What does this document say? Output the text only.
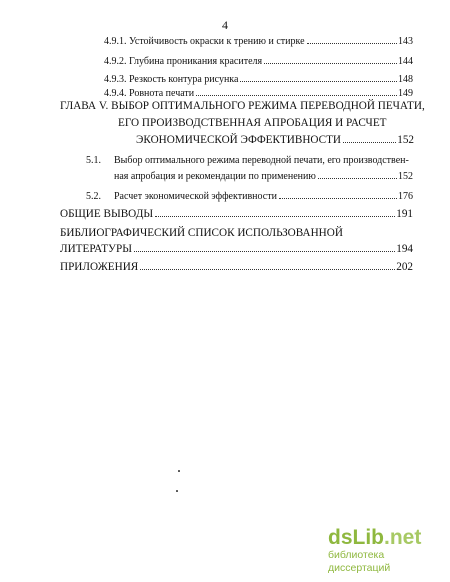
4
4.9.1. Устойчивость окраски к трению и стирке	143
4.9.2. Глубина проникания красителя	144
4.9.3. Резкость контура рисунка	148
4.9.4. Ровнота печати	149
ГЛАВА V. ВЫБОР ОПТИМАЛЬНОГО РЕЖИМА ПЕРЕВОДНОЙ ПЕЧАТИ,
ЕГО ПРОИЗВОДСТВЕННАЯ АПРОБАЦИЯ И РАСЧЕТ
ЭКОНОМИЧЕСКОЙ ЭФФЕКТИВНОСТИ	152
5.1. Выбор оптимального режима переводной печати, его производствен-
ная апробация и рекомендации по применению	152
5.2. Расчет экономической эффективности	176
ОБЩИЕ ВЫВОДЫ	191
БИБЛИОГРАФИЧЕСКИЙ СПИСОК ИСПОЛЬЗОВАННОЙ
ЛИТЕРАТУРЫ	194
ПРИЛОЖЕНИЯ	202
dsLib.net
библиотека диссертаций
